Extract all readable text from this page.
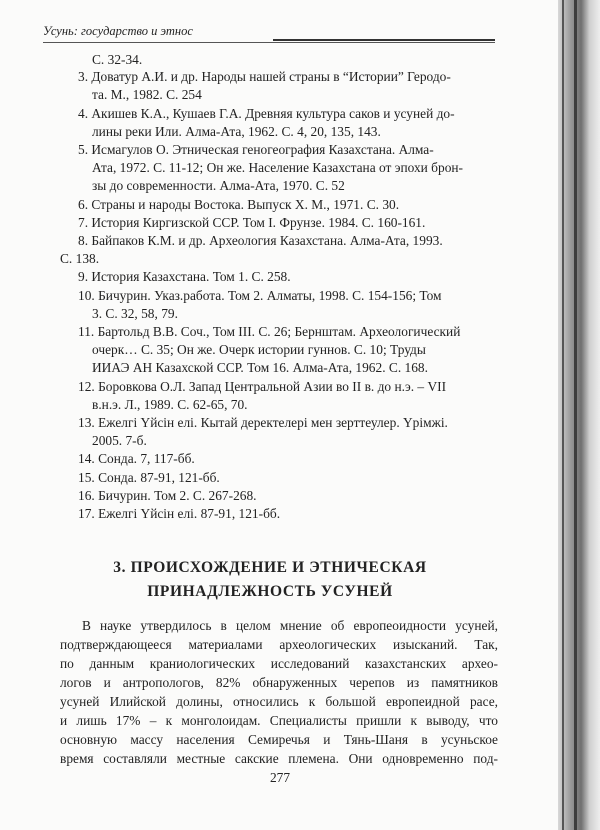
Усунь: государство и этнос
С. 32-34.
3. Доватур А.И. и др. Народы нашей страны в “Истории” Геродо-
та. М., 1982. С. 254
4. Акишев К.А., Кушаев Г.А. Древняя культура саков и усуней до-
лины реки Или. Алма-Ата, 1962. С. 4, 20, 135, 143.
5. Исмагулов О. Этническая геногеография Казахстана. Алма-
Ата, 1972. С. 11-12; Он же. Население Казахстана от эпохи брон-
зы до современности. Алма-Ата, 1970. С. 52
6. Страны и народы Востока. Выпуск Х. М., 1971. С. 30.
7. История Киргизской ССР. Том I. Фрунзе. 1984. С. 160-161.
8. Байпаков К.М. и др. Археология Казахстана. Алма-Ата, 1993.
С. 138.
9. История Казахстана. Том 1. С. 258.
10. Бичурин. Указ.работа. Том 2. Алматы, 1998. С. 154-156; Том
3. С. 32, 58, 79.
11. Бартольд В.В. Соч., Том III. С. 26; Бернштам. Археологический
очерк… С. 35; Он же. Очерк истории гуннов. С. 10; Труды
ИИАЭ АН Казахской ССР. Том 16. Алма-Ата, 1962. С. 168.
12. Боровкова О.Л. Запад Центральной Азии во II в. до н.э. – VII
в.н.э. Л., 1989. С. 62-65, 70.
13. Ежелгі Үйсін елі. Кытай деректелері мен зерттеулер. Үрімжі.
2005. 7-б.
14. Сонда. 7, 117-бб.
15. Сонда. 87-91, 121-бб.
16. Бичурин. Том 2. С. 267-268.
17. Ежелгі Үйсін елі. 87-91, 121-бб.
3. ПРОИСХОЖДЕНИЕ И ЭТНИЧЕСКАЯ
ПРИНАДЛЕЖНОСТЬ УСУНЕЙ
В науке утвердилось в целом мнение об европеоидности усуней,
подтверждающееся материалами археологических изысканий. Так,
по данным краниологических исследований казахстанских архео-
логов и антропологов, 82% обнаруженных черепов из памятников
усуней Илийской долины, относились к большой европеидной расе,
и лишь 17% – к монголоидам. Специалисты пришли к выводу, что
основную массу населения Семиречья и Тянь-Шаня в усуньское
время составляли местные сакские племена. Они одновременно под-
277
